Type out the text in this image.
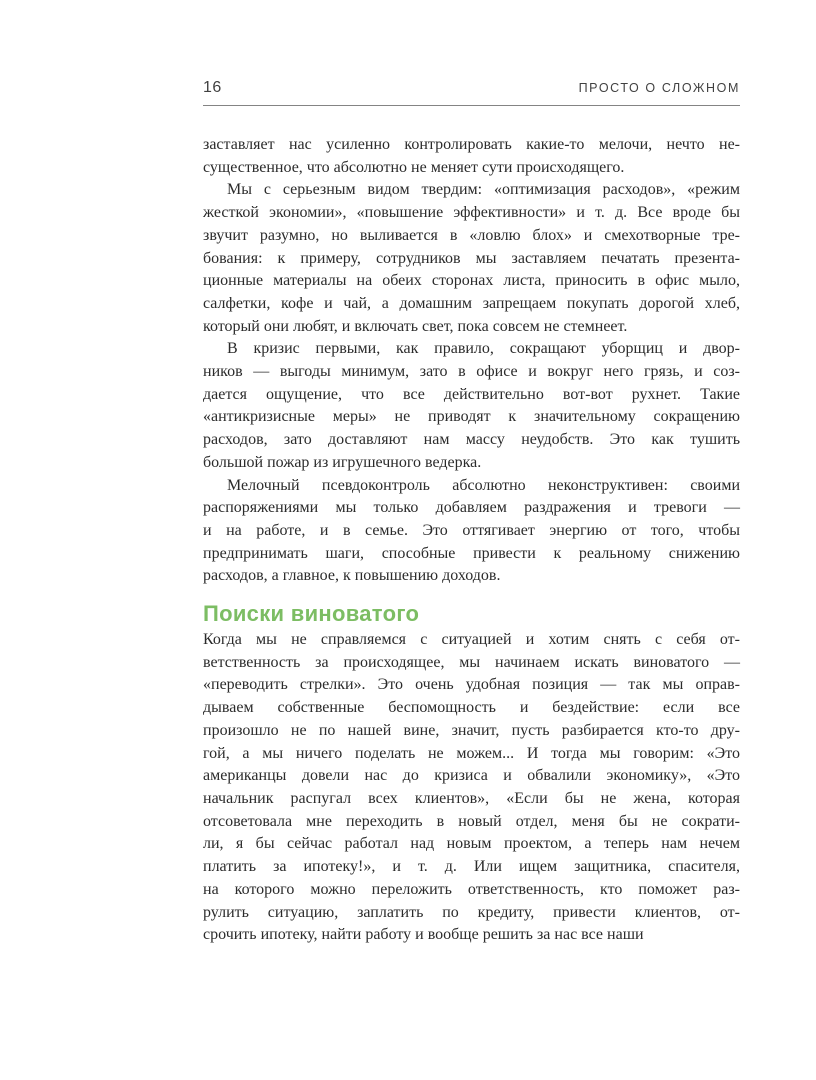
16	ПРОСТО О СЛОЖНОМ
заставляет нас усиленно контролировать какие-то мелочи, нечто не-
существенное, что абсолютно не меняет сути происходящего.
Мы с серьезным видом твердим: «оптимизация расходов», «режим
жесткой экономии», «повышение эффективности» и т. д. Все вроде бы
звучит разумно, но выливается в «ловлю блох» и смехотворные тре-
бования: к примеру, сотрудников мы заставляем печатать презента-
ционные материалы на обеих сторонах листа, приносить в офис мыло,
салфетки, кофе и чай, а домашним запрещаем покупать дорогой хлеб,
который они любят, и включать свет, пока совсем не стемнеет.
В кризис первыми, как правило, сокращают уборщиц и двор-
ников — выгоды минимум, зато в офисе и вокруг него грязь, и соз-
дается ощущение, что все действительно вот-вот рухнет. Такие
«антикризисные меры» не приводят к значительному сокращению
расходов, зато доставляют нам массу неудобств. Это как тушить
большой пожар из игрушечного ведерка.
Мелочный псевдоконтроль абсолютно неконструктивен: своими
распоряжениями мы только добавляем раздражения и тревоги —
и на работе, и в семье. Это оттягивает энергию от того, чтобы
предпринимать шаги, способные привести к реальному снижению
расходов, а главное, к повышению доходов.
Поиски виноватого
Когда мы не справляемся с ситуацией и хотим снять с себя от-
ветственность за происходящее, мы начинаем искать виноватого —
«переводить стрелки». Это очень удобная позиция — так мы оправ-
дываем собственные беспомощность и бездействие: если все
произошло не по нашей вине, значит, пусть разбирается кто-то дру-
гой, а мы ничего поделать не можем... И тогда мы говорим: «Это
американцы довели нас до кризиса и обвалили экономику», «Это
начальник распугал всех клиентов», «Если бы не жена, которая
отсоветовала мне переходить в новый отдел, меня бы не сократи-
ли, я бы сейчас работал над новым проектом, а теперь нам нечем
платить за ипотеку!», и т. д. Или ищем защитника, спасителя,
на которого можно переложить ответственность, кто поможет раз-
рулить ситуацию, заплатить по кредиту, привести клиентов, от-
срочить ипотеку, найти работу и вообще решить за нас все наши
